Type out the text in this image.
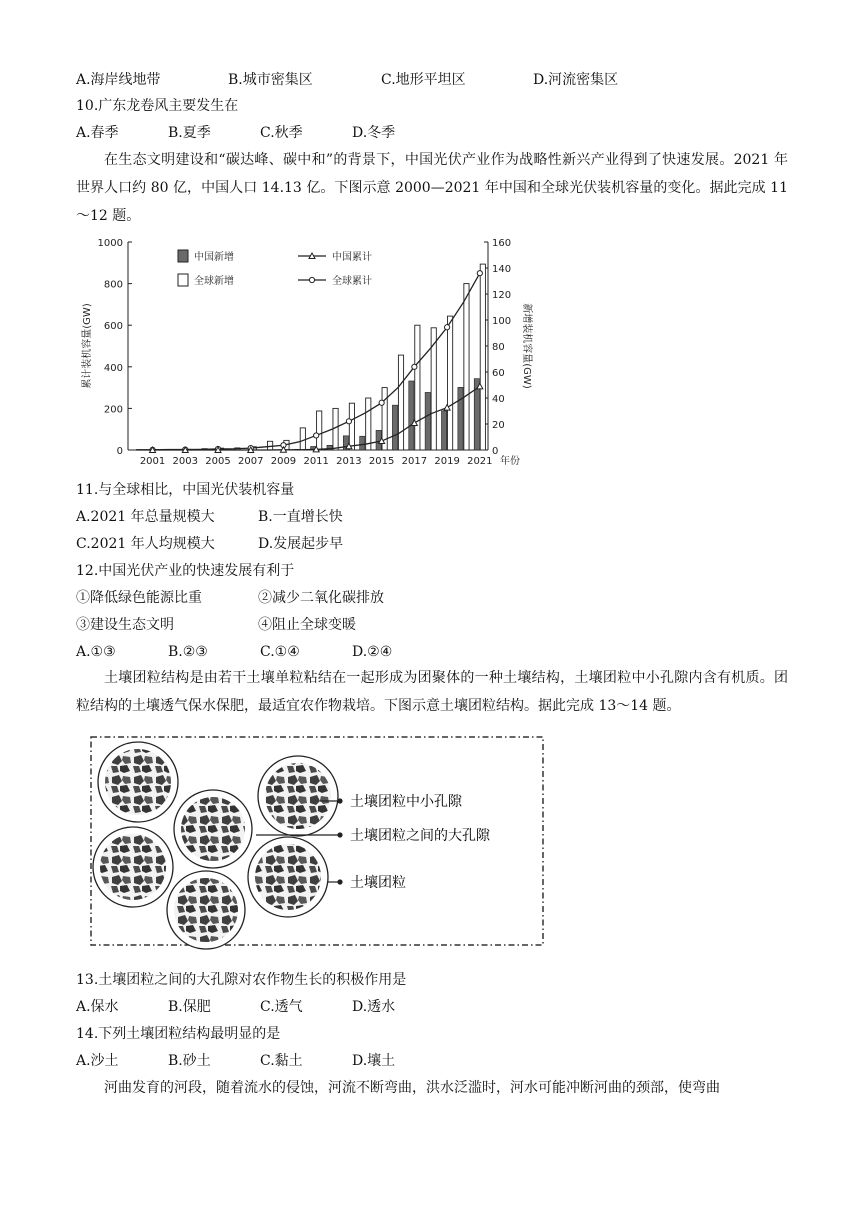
A.海岸线地带	B.城市密集区	C.地形平坦区	D.河流密集区
10.广东龙卷风主要发生在
A.春季	B.夏季	C.秋季	D.冬季
在生态文明建设和“碳达峰、碳中和”的背景下，中国光伏产业作为战略性新兴产业得到了快速发展。2021 年世界人口约 80 亿，中国人口 14.13 亿。下图示意 2000—2021 年中国和全球光伏装机容量的变化。据此完成 11～12 题。
0
200
400
600
800
1000
0
20
40
60
80
100
120
140
160
2001 2003 2005 2007 2009 2011 2013 2015 2017 2019 2021 年份
累计装机容量(GW)	新增装机容量(GW)
中国新增
全球新增
中国累计
全球累计
11.与全球相比，中国光伏装机容量
A.2021 年总量规模大	B.一直增长快
C.2021 年人均规模大	D.发展起步早
12.中国光伏产业的快速发展有利于
①降低绿色能源比重	②减少二氧化碳排放
③建设生态文明	④阻止全球变暖
A.①③	B.②③	C.①④	D.②④
土壤团粒结构是由若干土壤单粒粘结在一起形成为团聚体的一种土壤结构，土壤团粒中小孔隙内含有机质。团粒结构的土壤透气保水保肥，最适宜农作物栽培。下图示意土壤团粒结构。据此完成 13～14 题。
土壤团粒中小孔隙
土壤团粒之间的大孔隙
土壤团粒
13.土壤团粒之间的大孔隙对农作物生长的积极作用是
A.保水	B.保肥	C.透气	D.透水
14.下列土壤团粒结构最明显的是
A.沙土	B.砂土	C.黏土	D.壤土
河曲发育的河段，随着流水的侵蚀，河流不断弯曲，洪水泛滥时，河水可能冲断河曲的颈部，使弯曲
